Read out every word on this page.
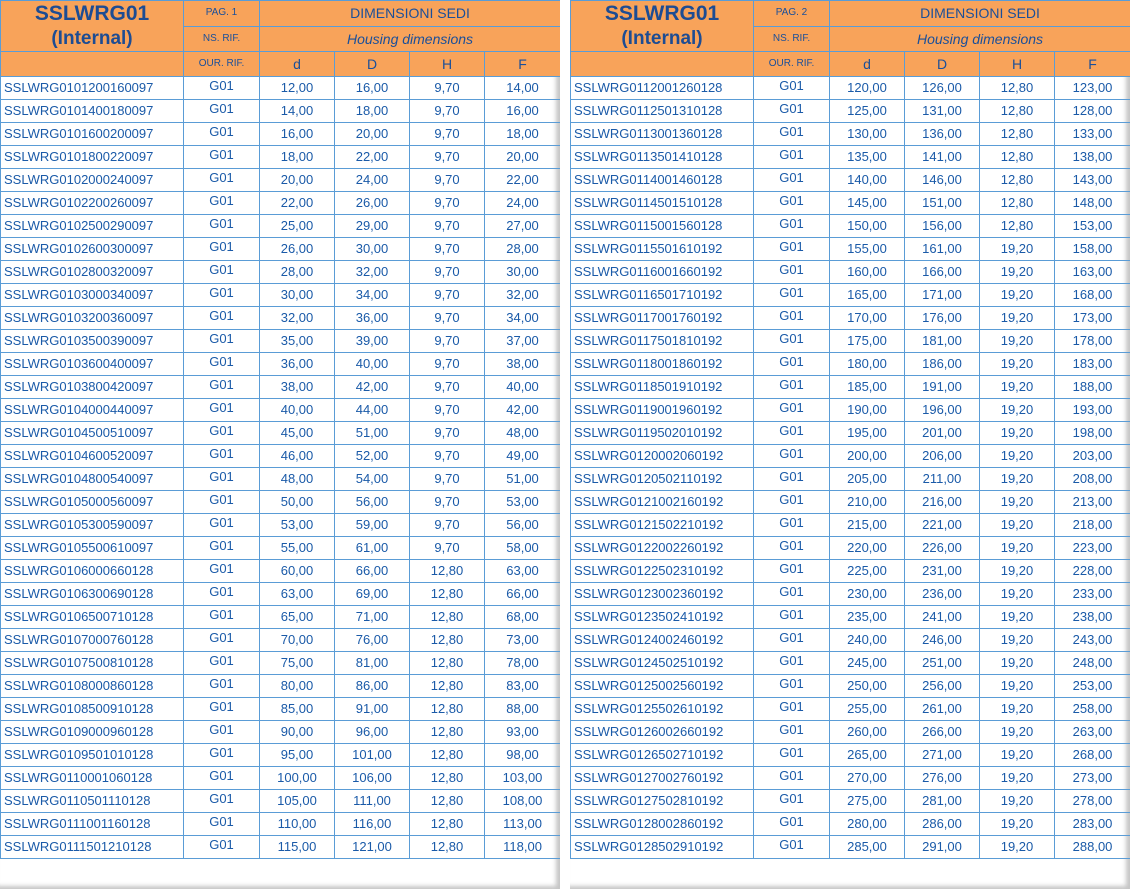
SSLWRG01
(Internal)	PAG. 1	DIMENSIONI SEDI			
	NS. RIF.	Housing dimensions			
	OUR. RIF.	d	D	H	F
SSLWRG0101200160097	G01	12,00	16,00	9,70	14,00
SSLWRG0101400180097	G01	14,00	18,00	9,70	16,00
SSLWRG0101600200097	G01	16,00	20,00	9,70	18,00
SSLWRG0101800220097	G01	18,00	22,00	9,70	20,00
SSLWRG0102000240097	G01	20,00	24,00	9,70	22,00
SSLWRG0102200260097	G01	22,00	26,00	9,70	24,00
SSLWRG0102500290097	G01	25,00	29,00	9,70	27,00
SSLWRG0102600300097	G01	26,00	30,00	9,70	28,00
SSLWRG0102800320097	G01	28,00	32,00	9,70	30,00
SSLWRG0103000340097	G01	30,00	34,00	9,70	32,00
SSLWRG0103200360097	G01	32,00	36,00	9,70	34,00
SSLWRG0103500390097	G01	35,00	39,00	9,70	37,00
SSLWRG0103600400097	G01	36,00	40,00	9,70	38,00
SSLWRG0103800420097	G01	38,00	42,00	9,70	40,00
SSLWRG0104000440097	G01	40,00	44,00	9,70	42,00
SSLWRG0104500510097	G01	45,00	51,00	9,70	48,00
SSLWRG0104600520097	G01	46,00	52,00	9,70	49,00
SSLWRG0104800540097	G01	48,00	54,00	9,70	51,00
SSLWRG0105000560097	G01	50,00	56,00	9,70	53,00
SSLWRG0105300590097	G01	53,00	59,00	9,70	56,00
SSLWRG0105500610097	G01	55,00	61,00	9,70	58,00
SSLWRG0106000660128	G01	60,00	66,00	12,80	63,00
SSLWRG0106300690128	G01	63,00	69,00	12,80	66,00
SSLWRG0106500710128	G01	65,00	71,00	12,80	68,00
SSLWRG0107000760128	G01	70,00	76,00	12,80	73,00
SSLWRG0107500810128	G01	75,00	81,00	12,80	78,00
SSLWRG0108000860128	G01	80,00	86,00	12,80	83,00
SSLWRG0108500910128	G01	85,00	91,00	12,80	88,00
SSLWRG0109000960128	G01	90,00	96,00	12,80	93,00
SSLWRG0109501010128	G01	95,00	101,00	12,80	98,00
SSLWRG0110001060128	G01	100,00	106,00	12,80	103,00
SSLWRG0110501110128	G01	105,00	111,00	12,80	108,00
SSLWRG0111001160128	G01	110,00	116,00	12,80	113,00
SSLWRG0111501210128	G01	115,00	121,00	12,80	118,00
SSLWRG01
(Internal)	PAG. 2	DIMENSIONI SEDI			
	NS. RIF.	Housing dimensions			
	OUR. RIF.	d	D	H	F
SSLWRG0112001260128	G01	120,00	126,00	12,80	123,00
SSLWRG0112501310128	G01	125,00	131,00	12,80	128,00
SSLWRG0113001360128	G01	130,00	136,00	12,80	133,00
SSLWRG0113501410128	G01	135,00	141,00	12,80	138,00
SSLWRG0114001460128	G01	140,00	146,00	12,80	143,00
SSLWRG0114501510128	G01	145,00	151,00	12,80	148,00
SSLWRG0115001560128	G01	150,00	156,00	12,80	153,00
SSLWRG0115501610192	G01	155,00	161,00	19,20	158,00
SSLWRG0116001660192	G01	160,00	166,00	19,20	163,00
SSLWRG0116501710192	G01	165,00	171,00	19,20	168,00
SSLWRG0117001760192	G01	170,00	176,00	19,20	173,00
SSLWRG0117501810192	G01	175,00	181,00	19,20	178,00
SSLWRG0118001860192	G01	180,00	186,00	19,20	183,00
SSLWRG0118501910192	G01	185,00	191,00	19,20	188,00
SSLWRG0119001960192	G01	190,00	196,00	19,20	193,00
SSLWRG0119502010192	G01	195,00	201,00	19,20	198,00
SSLWRG0120002060192	G01	200,00	206,00	19,20	203,00
SSLWRG0120502110192	G01	205,00	211,00	19,20	208,00
SSLWRG0121002160192	G01	210,00	216,00	19,20	213,00
SSLWRG0121502210192	G01	215,00	221,00	19,20	218,00
SSLWRG0122002260192	G01	220,00	226,00	19,20	223,00
SSLWRG0122502310192	G01	225,00	231,00	19,20	228,00
SSLWRG0123002360192	G01	230,00	236,00	19,20	233,00
SSLWRG0123502410192	G01	235,00	241,00	19,20	238,00
SSLWRG0124002460192	G01	240,00	246,00	19,20	243,00
SSLWRG0124502510192	G01	245,00	251,00	19,20	248,00
SSLWRG0125002560192	G01	250,00	256,00	19,20	253,00
SSLWRG0125502610192	G01	255,00	261,00	19,20	258,00
SSLWRG0126002660192	G01	260,00	266,00	19,20	263,00
SSLWRG0126502710192	G01	265,00	271,00	19,20	268,00
SSLWRG0127002760192	G01	270,00	276,00	19,20	273,00
SSLWRG0127502810192	G01	275,00	281,00	19,20	278,00
SSLWRG0128002860192	G01	280,00	286,00	19,20	283,00
SSLWRG0128502910192	G01	285,00	291,00	19,20	288,00
